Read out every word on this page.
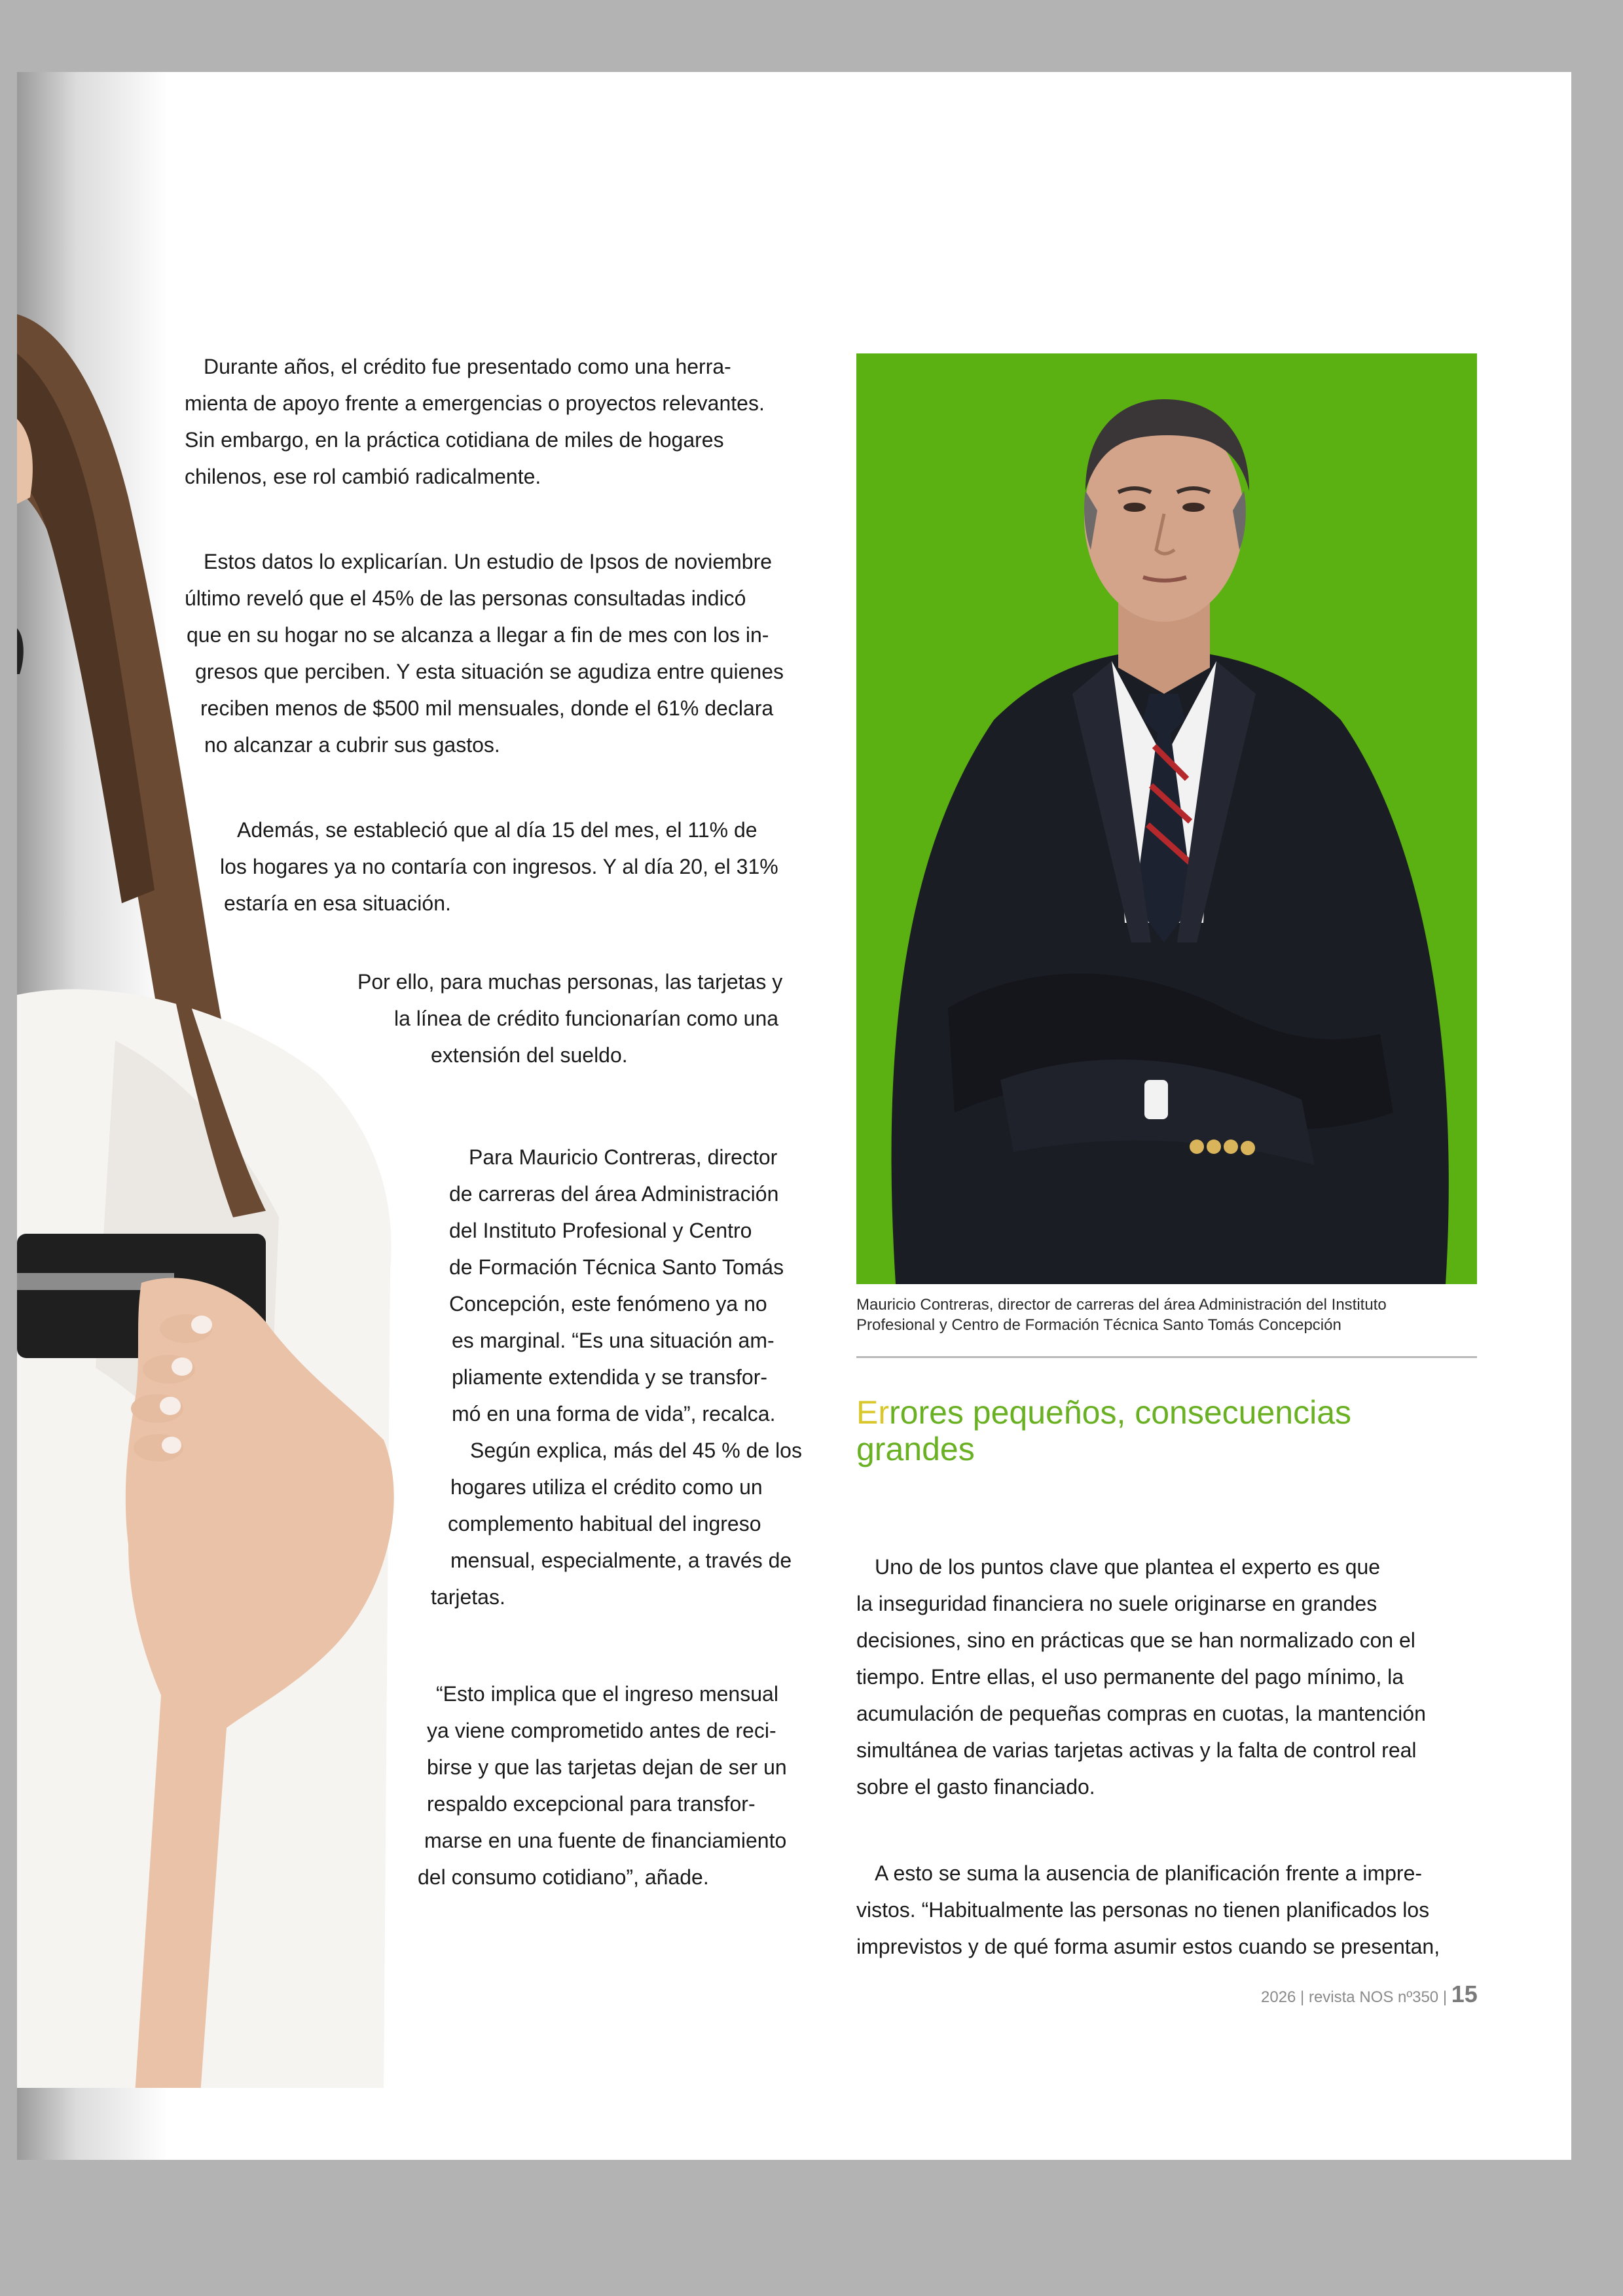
Durante años, el crédito fue presentado como una herra-
mienta de apoyo frente a emergencias o proyectos relevantes.
Sin embargo, en la práctica cotidiana de miles de hogares
chilenos, ese rol cambió radicalmente.

Estos datos lo explicarían. Un estudio de Ipsos de noviembre
último reveló que el 45% de las personas consultadas indicó
que en su hogar no se alcanza a llegar a fin de mes con los in-
gresos que perciben. Y esta situación se agudiza entre quienes
reciben menos de $500 mil mensuales, donde el 61% declara
no alcanzar a cubrir sus gastos.

Además, se estableció que al día 15 del mes, el 11% de
los hogares ya no contaría con ingresos. Y al día 20, el 31%
estaría en esa situación.

Por ello, para muchas personas, las tarjetas y
la línea de crédito funcionarían como una
extensión del sueldo.

Para Mauricio Contreras, director
de carreras del área Administración
del Instituto Profesional y Centro
de Formación Técnica Santo Tomás
Concepción, este fenómeno ya no
es marginal. “Es una situación am-
pliamente extendida y se transfor-
mó en una forma de vida”, recalca.

Según explica, más del 45 % de los
hogares utiliza el crédito como un
complemento habitual del ingreso
mensual, especialmente, a través de
tarjetas.

“Esto implica que el ingreso mensual
ya viene comprometido antes de reci-
birse y que las tarjetas dejan de ser un
respaldo excepcional para transfor-
marse en una fuente de financiamiento
del consumo cotidiano”, añade.

Mauricio Contreras, director de carreras del área Administración del Instituto
Profesional y Centro de Formación Técnica Santo Tomás Concepción
Errores pequeños, consecuencias
grandes

Uno de los puntos clave que plantea el experto es que
la inseguridad financiera no suele originarse en grandes
decisiones, sino en prácticas que se han normalizado con el
tiempo. Entre ellas, el uso permanente del pago mínimo, la
acumulación de pequeñas compras en cuotas, la mantención
simultánea de varias tarjetas activas y la falta de control real
sobre el gasto financiado.

A esto se suma la ausencia de planificación frente a impre-
vistos. “Habitualmente las personas no tienen planificados los
imprevistos y de qué forma asumir estos cuando se presentan,

2026 | revista NOS nº350 | 15
